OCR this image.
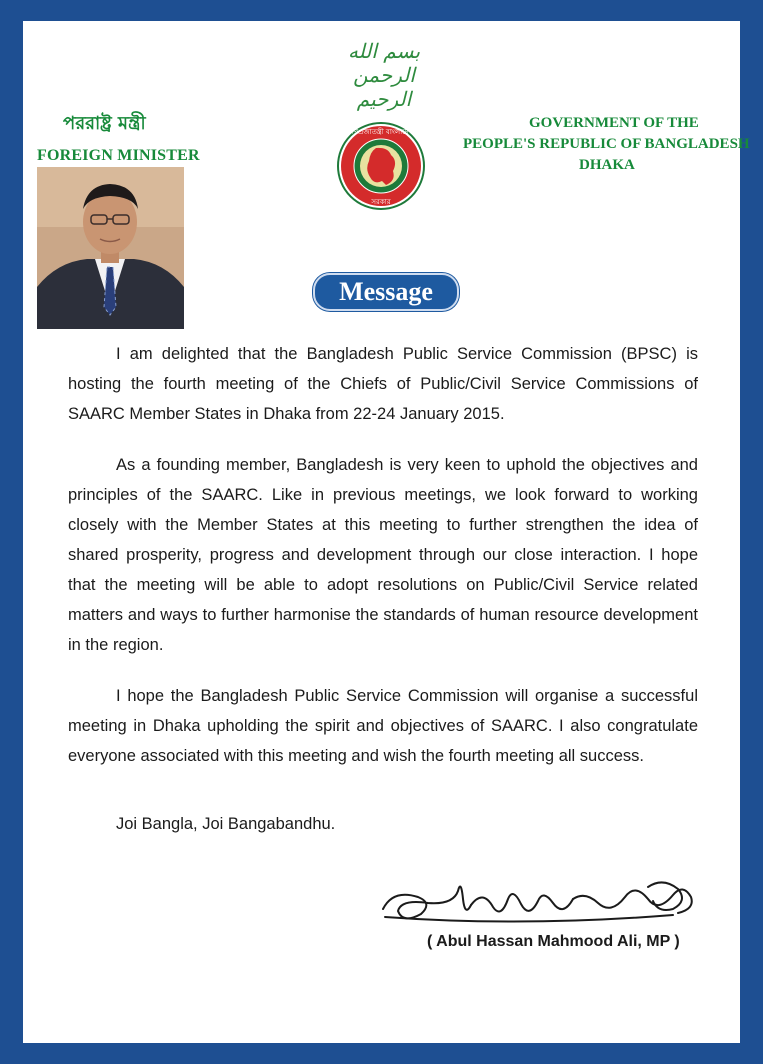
بسم الله الرحمن الرحيم
পররাষ্ট্র মন্ত্রী
FOREIGN MINISTER
GOVERNMENT OF THE
PEOPLE'S REPUBLIC OF BANGLADESH
DHAKA
গণপ্রজাতন্ত্রী বাংলাদেশ
সরকার
Message

I am delighted that the Bangladesh Public Service Commission (BPSC) is hosting the fourth meeting of the Chiefs of Public/Civil Service Commissions of SAARC Member States in Dhaka from 22-24 January 2015.

As a founding member, Bangladesh is very keen to uphold the objectives and principles of the SAARC. Like in previous meetings, we look forward to working closely with the Member States at this meeting to further strengthen the idea of shared prosperity, progress and development through our close interaction. I hope that the meeting will be able to adopt resolutions on Public/Civil Service related matters and ways to further harmonise the standards of human resource development in the region.

I hope the Bangladesh Public Service Commission will organise a successful meeting in Dhaka upholding the spirit and objectives of SAARC. I also congratulate everyone associated with this meeting and wish the fourth meeting all success.

Joi Bangla, Joi Bangabandhu.
( Abul Hassan Mahmood Ali, MP )
